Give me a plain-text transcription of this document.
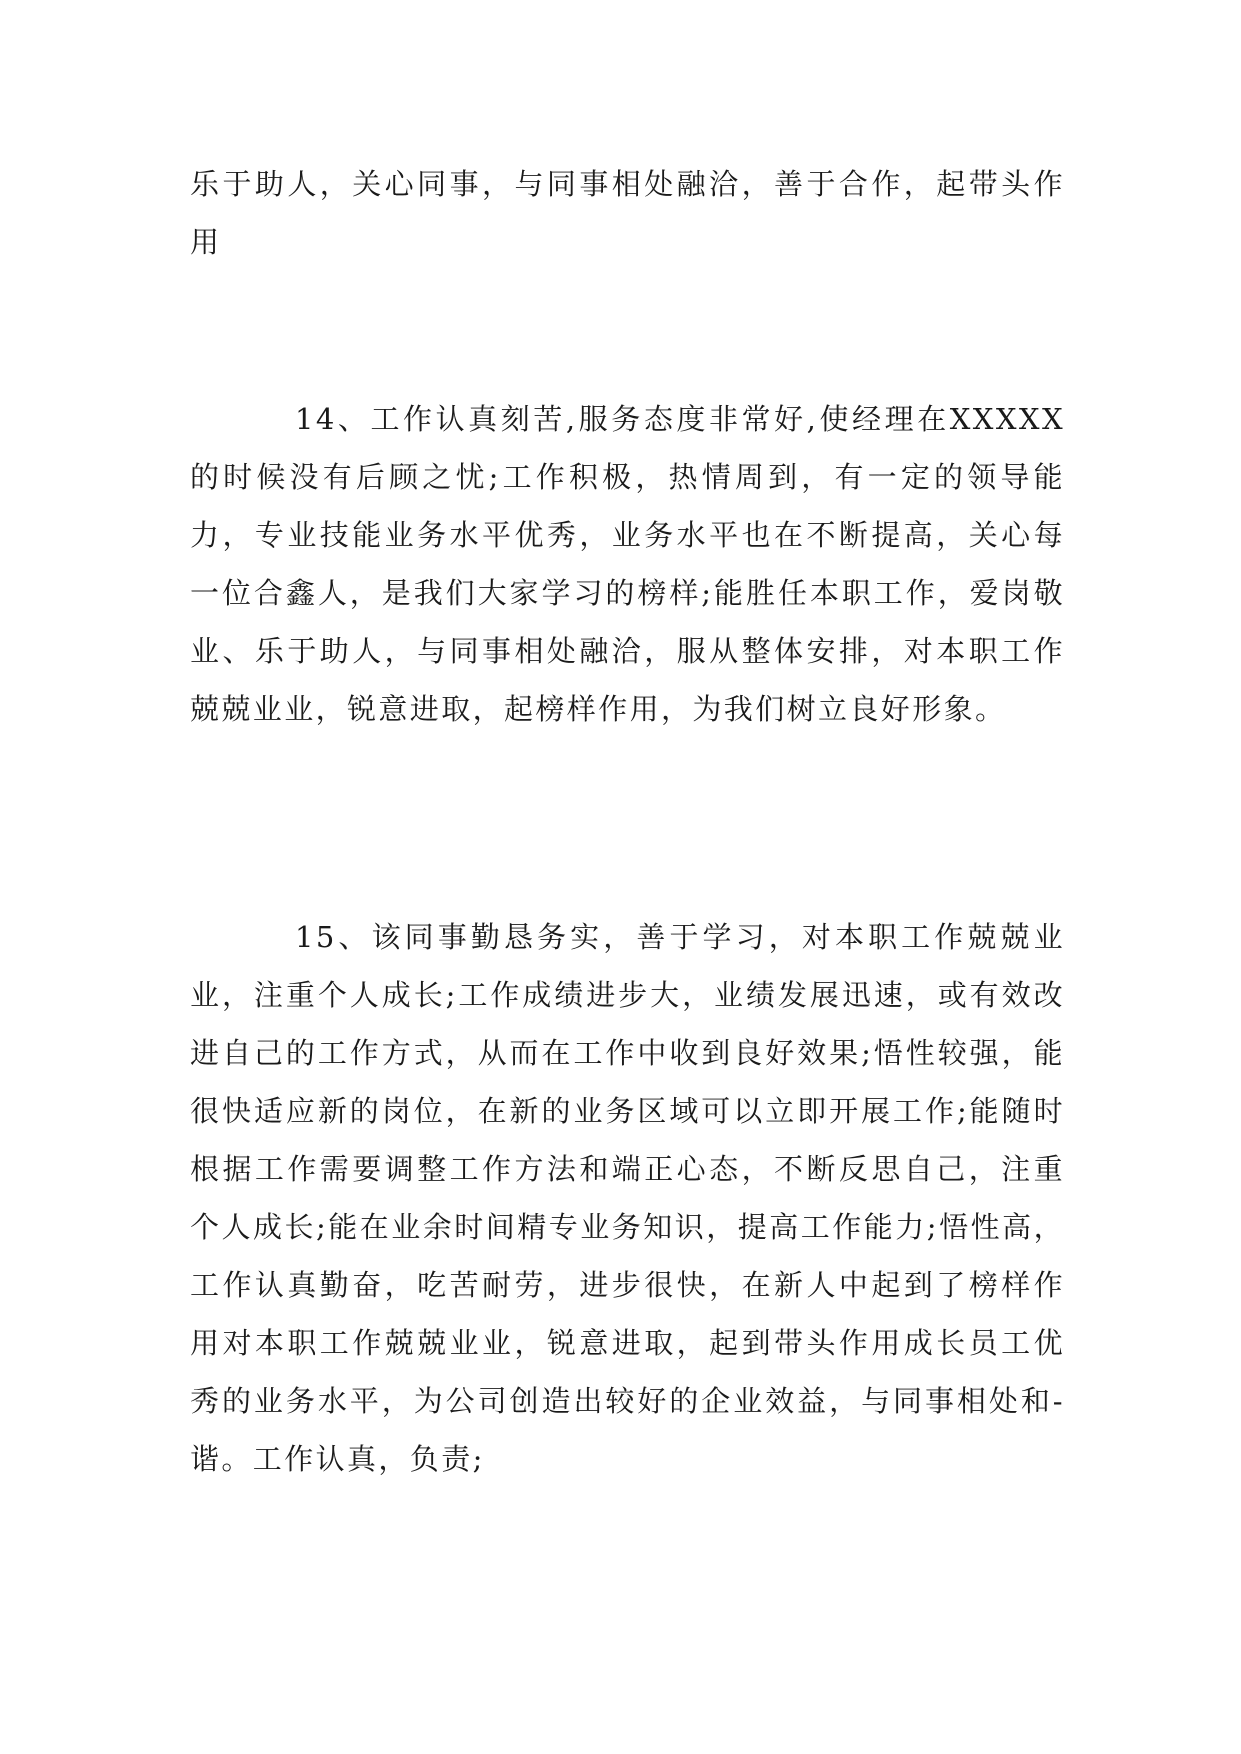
乐于助人，关心同事，与同事相处融洽，善于合作，起带头作用

14、工作认真刻苦,服务态度非常好,使经理在XXXXX的时候没有后顾之忧;工作积极，热情周到，有一定的领导能力，专业技能业务水平优秀，业务水平也在不断提高，关心每一位合鑫人，是我们大家学习的榜样;能胜任本职工作，爱岗敬业、乐于助人，与同事相处融洽，服从整体安排，对本职工作兢兢业业，锐意进取，起榜样作用，为我们树立良好形象。

15、该同事勤恳务实，善于学习，对本职工作兢兢业业，注重个人成长;工作成绩进步大，业绩发展迅速，或有效改进自己的工作方式，从而在工作中收到良好效果;悟性较强，能很快适应新的岗位，在新的业务区域可以立即开展工作;能随时根据工作需要调整工作方法和端正心态，不断反思自己，注重个人成长;能在业余时间精专业务知识，提高工作能力;悟性高，工作认真勤奋，吃苦耐劳，进步很快，在新人中起到了榜样作用对本职工作兢兢业业，锐意进取，起到带头作用成长员工优秀的业务水平，为公司创造出较好的企业效益，与同事相处和-谐。工作认真，负责;
